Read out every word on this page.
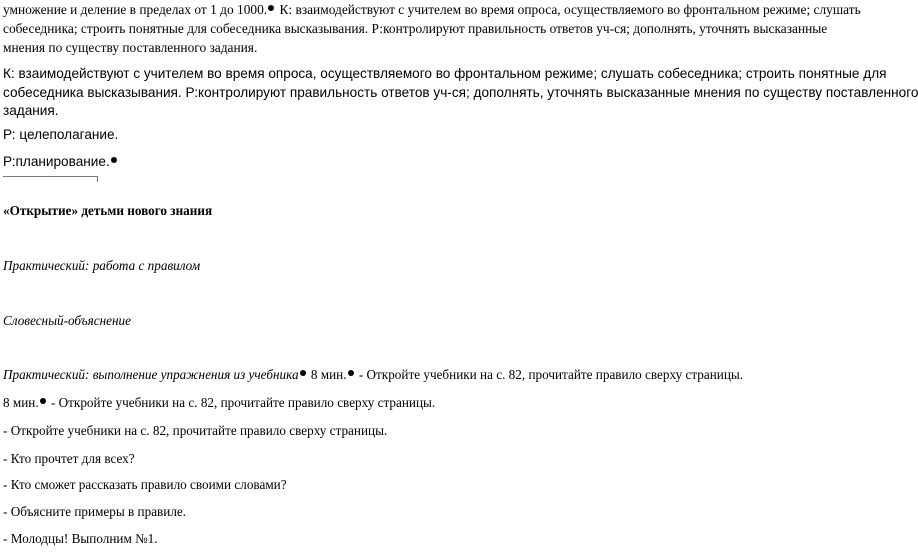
умножение и деление в пределах от 1 до 1000. К: взаимодействуют с учителем во время опроса, осуществляемого во фронтальном режиме; слушать
собеседника; строить понятные для собеседника высказывания. Р:контролируют правильность ответов уч-ся; дополнять, уточнять высказанные
мнения по существу поставленного задания.
К: взаимодействуют с учителем во время опроса, осуществляемого во фронтальном режиме; слушать собеседника; строить понятные для
собеседника высказывания. Р:контролируют правильность ответов уч-ся; дополнять, уточнять высказанные мнения по существу поставленного
задания.
Р: целеполагание.
Р:планирование.
«Открытие» детьми нового знания
Практический: работа с правилом
Словесный-объяснение
Практический: выполнение упражнения из учебника 8 мин. - Откройте учебники на с. 82, прочитайте правило сверху страницы.
8 мин. - Откройте учебники на с. 82, прочитайте правило сверху страницы.
- Откройте учебники на с. 82, прочитайте правило сверху страницы.
- Кто прочтет для всех?
- Кто сможет рассказать правило своими словами?
- Объясните примеры в правиле.
- Молодцы! Выполним №1.
